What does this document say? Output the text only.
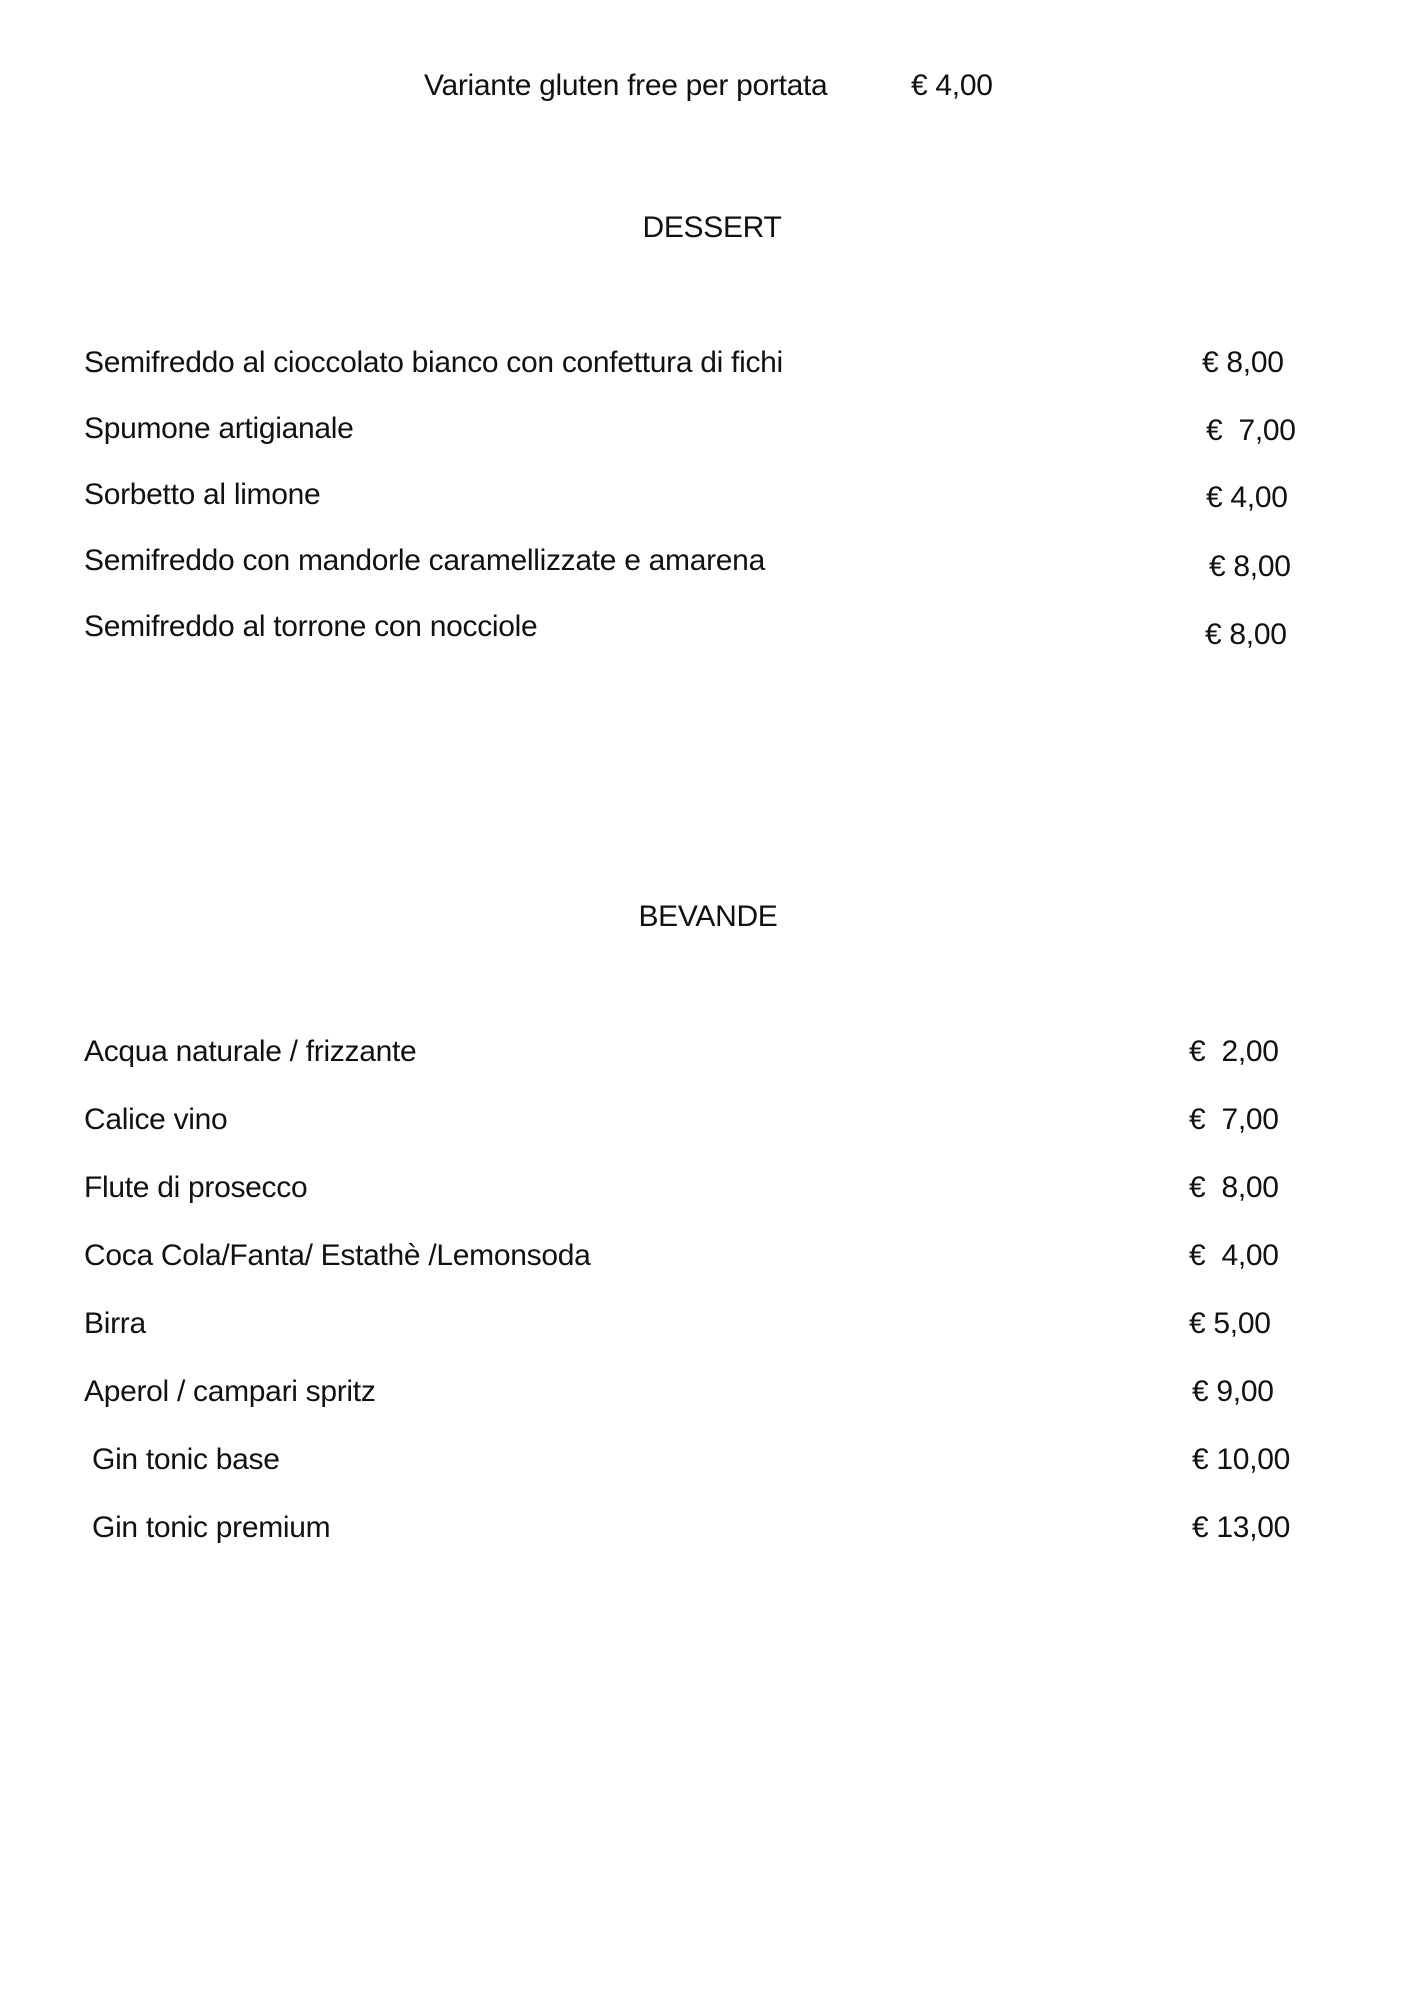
Variante gluten free per portata	€ 4,00
DESSERT
Semifreddo al cioccolato bianco con confettura di fichi	€ 8,00
Spumone artigianale	€  7,00
Sorbetto al limone	€ 4,00
Semifreddo con mandorle caramellizzate e amarena	€ 8,00
Semifreddo al torrone con nocciole	€ 8,00
BEVANDE
Acqua naturale / frizzante	€  2,00
Calice vino	€  7,00
Flute di prosecco	€  8,00
Coca Cola/Fanta/ Estathè /Lemonsoda	€  4,00
Birra	€ 5,00
Aperol / campari spritz	€ 9,00
Gin tonic base	€ 10,00
Gin tonic premium	€ 13,00
